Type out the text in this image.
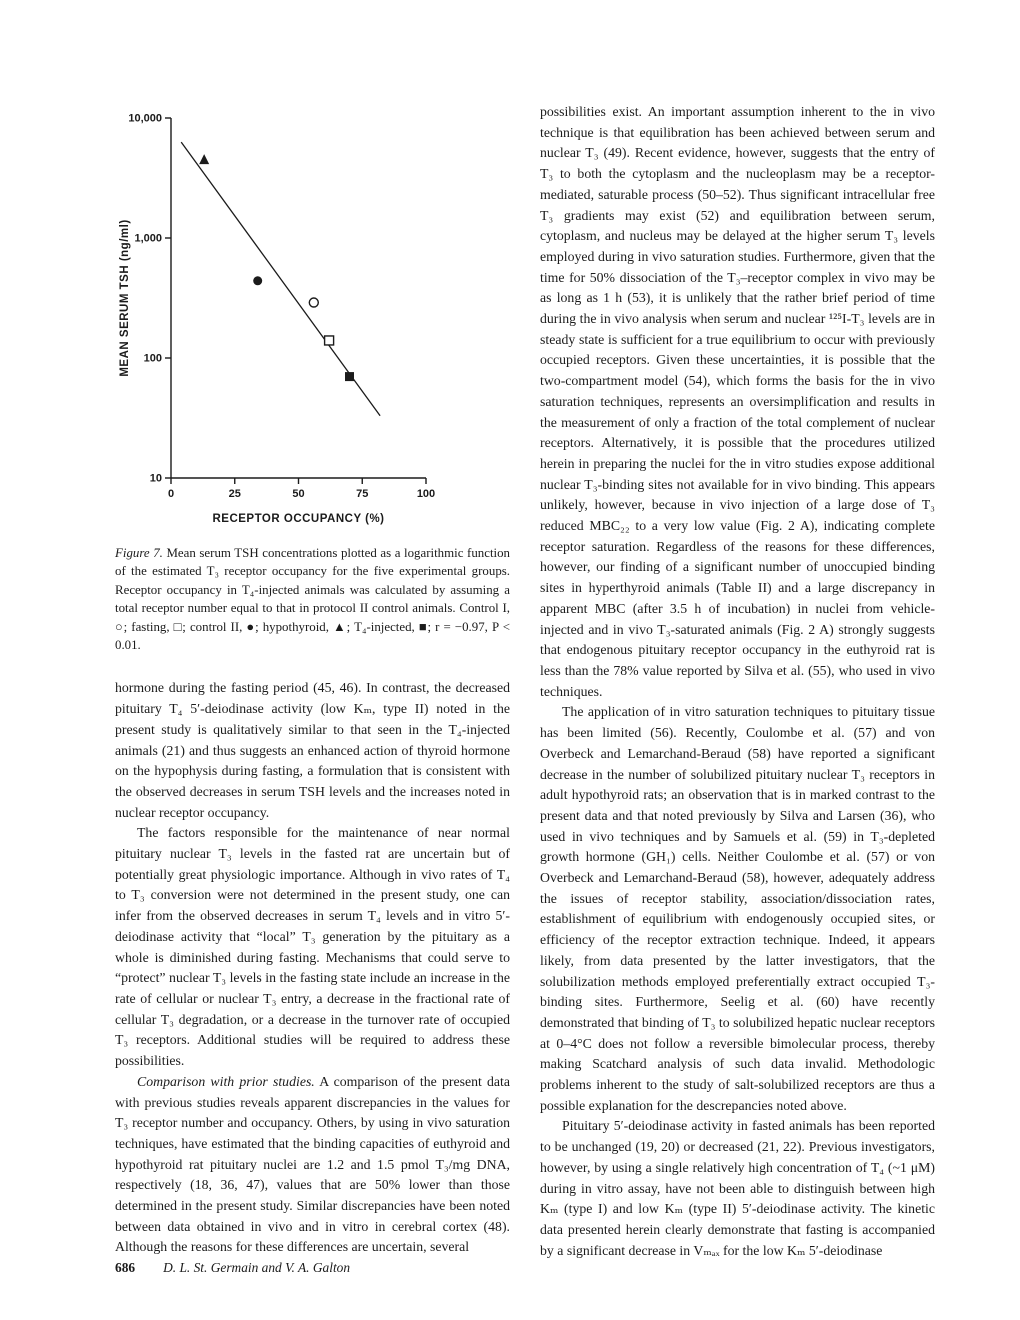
10
100
1,000
10,000
0	25	50	75	100
RECEPTOR OCCUPANCY (%)
MEAN SERUM TSH (ng/ml)
Figure 7. Mean serum TSH concentrations plotted as a logarithmic function of the estimated T₃ receptor occupancy for the five experimental groups. Receptor occupancy in T₄-injected animals was calculated by assuming a total receptor number equal to that in protocol II control animals. Control I, ○; fasting, □; control II, ●; hypothyroid, ▲; T₄-injected, ■; r = −0.97, P < 0.01.

hormone during the fasting period (45, 46). In contrast, the decreased pituitary T₄ 5′-deiodinase activity (low Kₘ, type II) noted in the present study is qualitatively similar to that seen in the T₄-injected animals (21) and thus suggests an enhanced action of thyroid hormone on the hypophysis during fasting, a formulation that is consistent with the observed decreases in serum TSH levels and the increases noted in nuclear receptor occupancy.

The factors responsible for the maintenance of near normal pituitary nuclear T₃ levels in the fasted rat are uncertain but of potentially great physiologic importance. Although in vivo rates of T₄ to T₃ conversion were not determined in the present study, one can infer from the observed decreases in serum T₄ levels and in vitro 5′-deiodinase activity that “local” T₃ generation by the pituitary as a whole is diminished during fasting. Mechanisms that could serve to “protect” nuclear T₃ levels in the fasting state include an increase in the rate of cellular or nuclear T₃ entry, a decrease in the fractional rate of cellular T₃ degradation, or a decrease in the turnover rate of occupied T₃ receptors. Additional studies will be required to address these possibilities.

Comparison with prior studies. A comparison of the present data with previous studies reveals apparent discrepancies in the values for T₃ receptor number and occupancy. Others, by using in vivo saturation techniques, have estimated that the binding capacities of euthyroid and hypothyroid rat pituitary nuclei are 1.2 and 1.5 pmol T₃/mg DNA, respectively (18, 36, 47), values that are 50% lower than those determined in the present study. Similar discrepancies have been noted between data obtained in vivo and in vitro in cerebral cortex (48). Although the reasons for these differences are uncertain, several

possibilities exist. An important assumption inherent to the in vivo technique is that equilibration has been achieved between serum and nuclear T₃ (49). Recent evidence, however, suggests that the entry of T₃ to both the cytoplasm and the nucleoplasm may be a receptor-mediated, saturable process (50–52). Thus significant intracellular free T₃ gradients may exist (52) and equilibration between serum, cytoplasm, and nucleus may be delayed at the higher serum T₃ levels employed during in vivo saturation studies. Furthermore, given that the time for 50% dissociation of the T₃–receptor complex in vivo may be as long as 1 h (53), it is unlikely that the rather brief period of time during the in vivo analysis when serum and nuclear ¹²⁵I-T₃ levels are in steady state is sufficient for a true equilibrium to occur with previously occupied receptors. Given these uncertainties, it is possible that the two-compartment model (54), which forms the basis for the in vivo saturation techniques, represents an oversimplification and results in the measurement of only a fraction of the total complement of nuclear receptors. Alternatively, it is possible that the procedures utilized herein in preparing the nuclei for the in vitro studies expose additional nuclear T₃-binding sites not available for in vivo binding. This appears unlikely, however, because in vivo injection of a large dose of T₃ reduced MBC₂₂ to a very low value (Fig. 2 A), indicating complete receptor saturation. Regardless of the reasons for these differences, however, our finding of a significant number of unoccupied binding sites in hyperthyroid animals (Table II) and a large discrepancy in apparent MBC (after 3.5 h of incubation) in nuclei from vehicle-injected and in vivo T₃-saturated animals (Fig. 2 A) strongly suggests that endogenous pituitary receptor occupancy in the euthyroid rat is less than the 78% value reported by Silva et al. (55), who used in vivo techniques.

The application of in vitro saturation techniques to pituitary tissue has been limited (56). Recently, Coulombe et al. (57) and von Overbeck and Lemarchand-Beraud (58) have reported a significant decrease in the number of solubilized pituitary nuclear T₃ receptors in adult hypothyroid rats; an observation that is in marked contrast to the present data and that noted previously by Silva and Larsen (36), who used in vivo techniques and by Samuels et al. (59) in T₃-depleted growth hormone (GH₁) cells. Neither Coulombe et al. (57) or von Overbeck and Lemarchand-Beraud (58), however, adequately address the issues of receptor stability, association/dissociation rates, establishment of equilibrium with endogenously occupied sites, or efficiency of the receptor extraction technique. Indeed, it appears likely, from data presented by the latter investigators, that the solubilization methods employed preferentially extract occupied T₃-binding sites. Furthermore, Seelig et al. (60) have recently demonstrated that binding of T₃ to solubilized hepatic nuclear receptors at 0–4°C does not follow a reversible bimolecular process, thereby making Scatchard analysis of such data invalid. Methodologic problems inherent to the study of salt-solubilized receptors are thus a possible explanation for the descrepancies noted above.

Pituitary 5′-deiodinase activity in fasted animals has been reported to be unchanged (19, 20) or decreased (21, 22). Previous investigators, however, by using a single relatively high concentration of T₄ (~1 μM) during in vitro assay, have not been able to distinguish between high Kₘ (type I) and low Kₘ (type II) 5′-deiodinase activity. The kinetic data presented herein clearly demonstrate that fasting is accompanied by a significant decrease in Vₘₐₓ for the low Kₘ 5′-deiodinase

686 D. L. St. Germain and V. A. Galton
